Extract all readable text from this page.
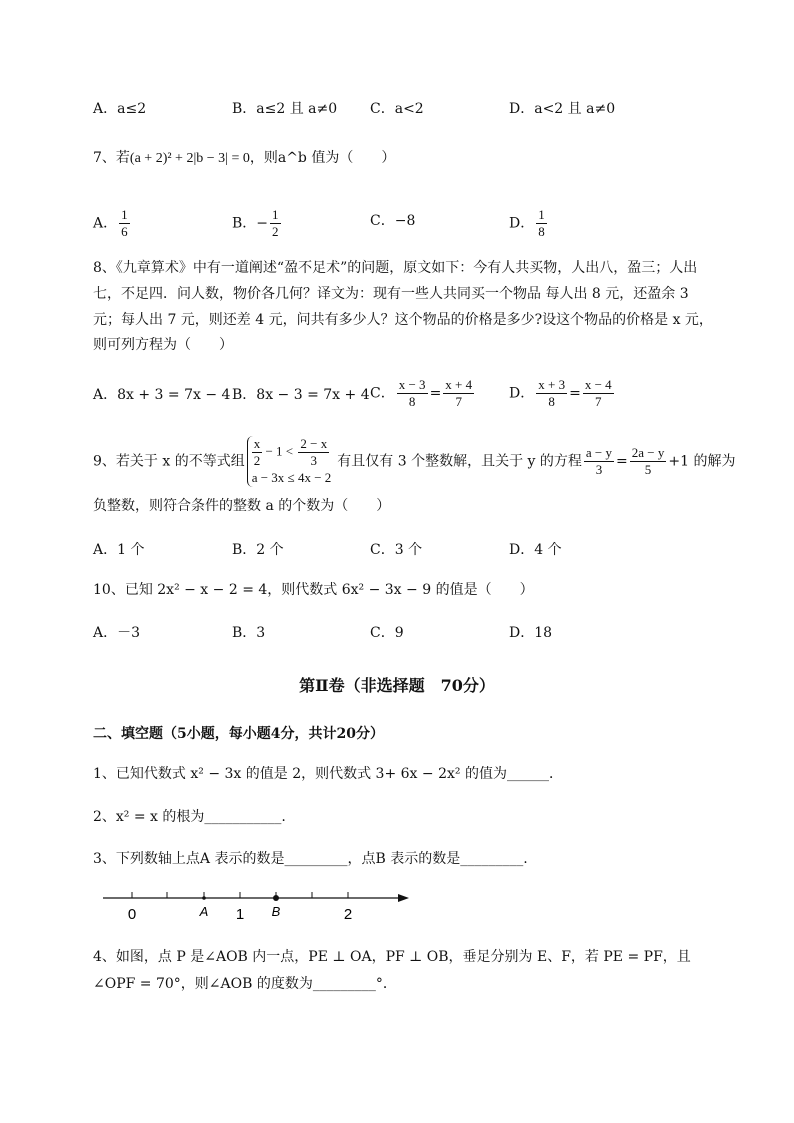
A．a≤2	B．a≤2 且 a≠0 C．a<2	D．a<2 且 a≠0
7、若(a + 2)² + 2|b − 3| = 0，则a^b 值为（　　）
A． $\frac{1}{6}$	B．− $\frac{1}{2}$	C．−8	D． $\frac{1}{8}$
8、《九章算术》中有一道阐述“盈不足术”的问题，原文如下：今有人共买物，人出八，盈三；人出
七，不足四．问人数，物价各几何？译文为：现有一些人共同买一个物品 每人出 8 元，还盈余 3
元；每人出 7 元，则还差 4 元，问共有多少人？这个物品的价格是多少?设这个物品的价格是 x 元，
则可列方程为（　　）
A．8x + 3 = 7x − 4 B．8x − 3 = 7x + 4 C． $\frac{x - 3}{8} = \frac{x + 4}{7}$ D． $\frac{x + 3}{8} = \frac{x - 4}{7}$
9、若关于 x 的不等式组 $\frac{x}{2} - 1 < \frac{2 - x}{3}$
a − 3x ≤ 4x − 2
有且仅有 3 个整数解，且关于 y 的方程 $\frac{a - y}{3} = \frac{2a - y}{5} +1$ 的解为
负整数，则符合条件的整数 a 的个数为（　　）
A．1 个	B．2 个	C．3 个	D．4 个
10、已知 2x² − x − 2 = 4，则代数式 6x² − 3x − 9 的值是（　　）
A．－3	B．3	C．9	D．18
第Ⅱ卷（非选择题　70分）
二、填空题（5小题，每小题4分，共计20分）
1、已知代数式 x² − 3x 的值是 2，则代数式 3+ 6x − 2x² 的值为______．
2、x² = x 的根为___________.
3、下列数轴上点A 表示的数是_________，点B 表示的数是_________.
0	A 1 B	2
4、如图，点 P 是∠AOB 内一点，PE ⊥ OA，PF ⊥ OB，垂足分别为 E、F，若 PE = PF，且
∠OPF = 70°，则∠AOB 的度数为_________°．
